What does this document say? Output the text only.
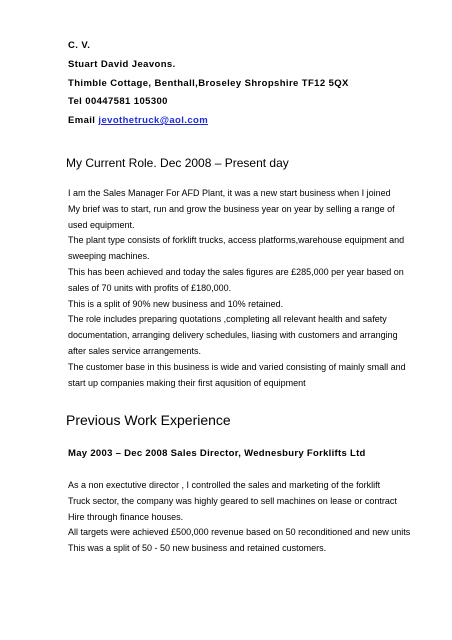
C. V.
Stuart David Jeavons.
Thimble Cottage, Benthall,Broseley Shropshire TF12 5QX
Tel 00447581 105300
Email jevothetruck@aol.com
My Current Role. Dec 2008 – Present day
I am the Sales Manager For AFD Plant, it was a new start business when I joined
My brief was to start, run and grow the business year on year by selling a range of
used equipment.
The plant type consists of forklift trucks, access platforms,warehouse equipment and
sweeping machines.
This has been achieved and today the sales figures are £285,000 per year based on
sales of 70 units with profits of £180,000.
This is a split of 90% new business and 10% retained.
The role includes preparing quotations ,completing all relevant health and safety
documentation, arranging delivery schedules, liasing with customers and arranging
after sales service arrangements.
The customer base in this business is wide and varied consisting of mainly small and
start up companies making their first aqusition of equipment
Previous Work Experience
May 2003 – Dec 2008 Sales Director, Wednesbury Forklifts Ltd
As a non exectutive director , I controlled the sales and marketing of the forklift
Truck sector, the company was highly geared to sell machines on lease or contract
Hire through finance houses.
All targets were achieved £500,000 revenue based on 50 reconditioned and new units
This was a split of 50 - 50 new business and retained customers.
